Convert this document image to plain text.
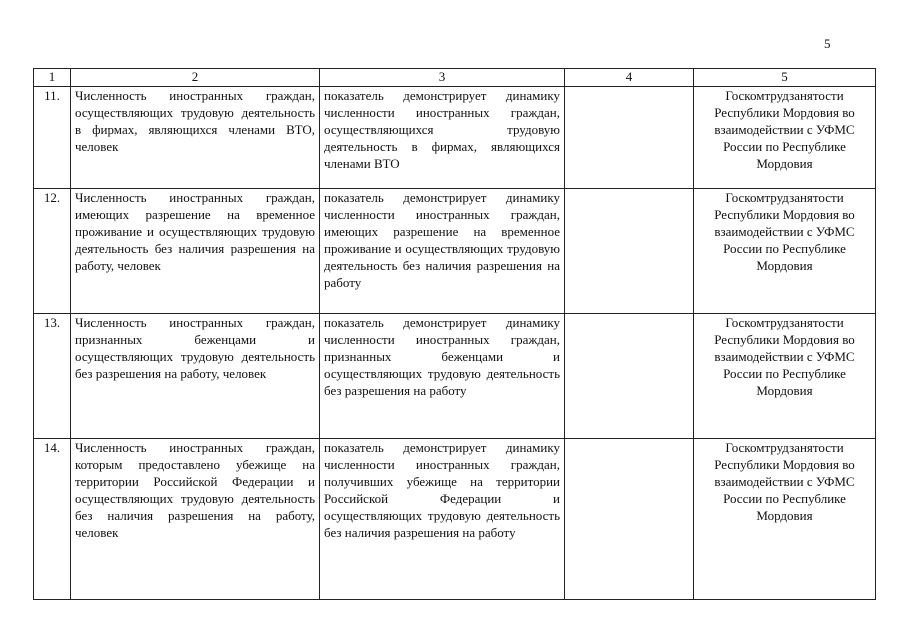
5
1	2	3	4	5
11.	Численность иностранных граждан, осуществляющих трудовую деятельность в фирмах, являющихся членами ВТО, человек	показатель демонстрирует динамику численности иностранных граждан, осуществляющихся трудовую деятельность в фирмах, являющихся членами ВТО		Госкомтрудзанятости Республики Мордовия во взаимодействии с УФМС России по Республике Мордовия
12.	Численность иностранных граждан, имеющих разрешение на временное проживание и осуществляющих трудовую деятельность без наличия разрешения на работу, человек	показатель демонстрирует динамику численности иностранных граждан, имеющих разрешение на временное проживание и осуществляющих трудовую деятельность без наличия разрешения на работу		Госкомтрудзанятости Республики Мордовия во взаимодействии с УФМС России по Республике Мордовия
13.	Численность иностранных граждан, признанных беженцами и осуществляющих трудовую деятельность без разрешения на работу, человек	показатель демонстрирует динамику численности иностранных граждан, признанных беженцами и осуществляющих трудовую деятельность без разрешения на работу		Госкомтрудзанятости Республики Мордовия во взаимодействии с УФМС России по Республике Мордовия
14.	Численность иностранных граждан, которым предоставлено убежище на территории Российской Федерации и осуществляющих трудовую деятельность без наличия разрешения на работу, человек	показатель демонстрирует динамику численности иностранных граждан, получивших убежище на территории Российской Федерации и осуществляющих трудовую деятельность без наличия разрешения на работу		Госкомтрудзанятости Республики Мордовия во взаимодействии с УФМС России по Республике Мордовия
